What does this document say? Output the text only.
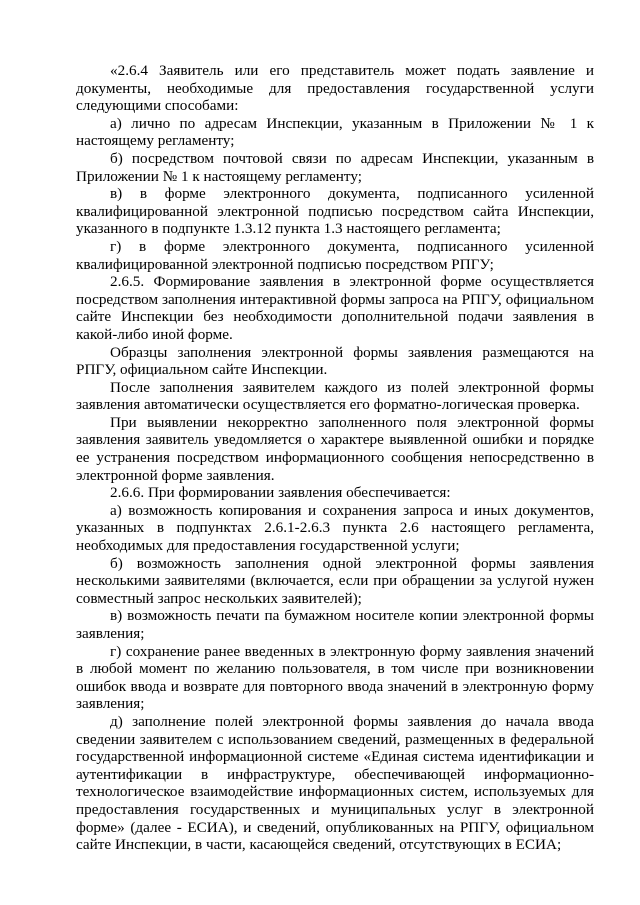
«2.6.4 Заявитель или его представитель может подать заявление и документы, необходимые для предоставления государственной услуги следующими способами:

а) лично по адресам Инспекции, указанным в Приложении № 1 к настоящему регламенту;

б) посредством почтовой связи по адресам Инспекции, указанным в Приложении № 1 к настоящему регламенту;

в) в форме электронного документа, подписанного усиленной квалифицированной электронной подписью посредством сайта Инспекции, указанного в подпункте 1.3.12 пункта 1.3 настоящего регламента;

г) в форме электронного документа, подписанного усиленной квалифицированной электронной подписью посредством РПГУ;

2.6.5. Формирование заявления в электронной форме осуществляется посредством заполнения интерактивной формы запроса на РПГУ, официальном сайте Инспекции без необходимости дополнительной подачи заявления в какой-либо иной форме.

Образцы заполнения электронной формы заявления размещаются на РПГУ, официальном сайте Инспекции.

После заполнения заявителем каждого из полей электронной формы заявления автоматически осуществляется его форматно-логическая проверка.

При выявлении некорректно заполненного поля электронной формы заявления заявитель уведомляется о характере выявленной ошибки и порядке ее устранения посредством информационного сообщения непосредственно в электронной форме заявления.

2.6.6. При формировании заявления обеспечивается:

а) возможность копирования и сохранения запроса и иных документов, указанных в подпунктах 2.6.1-2.6.3 пункта 2.6 настоящего регламента, необходимых для предоставления государственной услуги;

б) возможность заполнения одной электронной формы заявления несколькими заявителями (включается, если при обращении за услугой нужен совместный запрос нескольких заявителей);

в) возможность печати па бумажном носителе копии электронной формы заявления;

г) сохранение ранее введенных в электронную форму заявления значений в любой момент по желанию пользователя, в том числе при возникновении ошибок ввода и возврате для повторного ввода значений в электронную форму заявления;

д) заполнение полей электронной формы заявления до начала ввода сведении заявителем с использованием сведений, размещенных в федеральной государственной информационной системе «Единая система идентификации и аутентификации в инфраструктуре, обеспечивающей информационно-технологическое взаимодействие информационных систем, используемых для предоставления государственных и муниципальных услуг в электронной форме» (далее - ЕСИА), и сведений, опубликованных на РПГУ, официальном сайте Инспекции, в части, касающейся сведений, отсутствующих в ЕСИА;
